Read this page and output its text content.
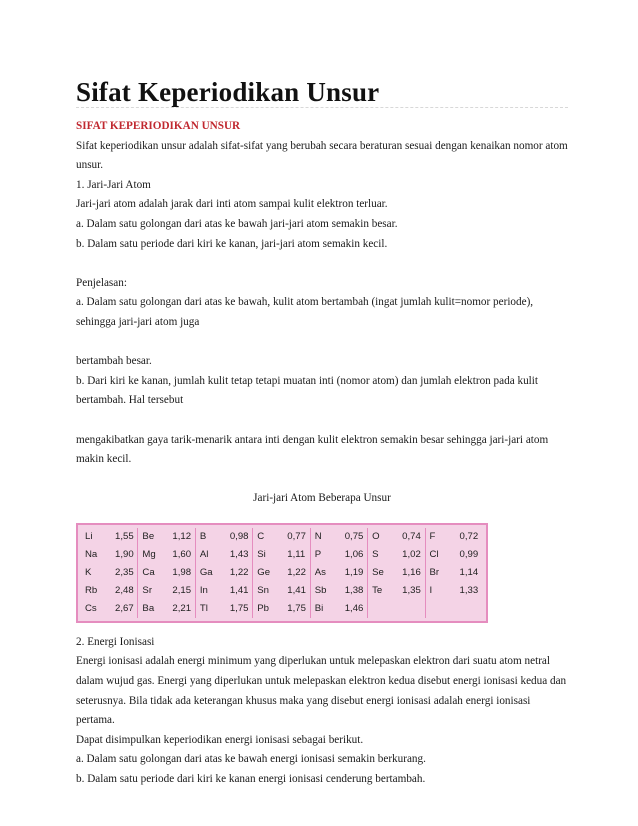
Sifat Keperiodikan Unsur

SIFAT KEPERIODIKAN UNSUR

Sifat keperiodikan unsur adalah sifat-sifat yang berubah secara beraturan sesuai dengan kenaikan nomor atom unsur.

1. Jari-Jari Atom

Jari-jari atom adalah jarak dari inti atom sampai kulit elektron terluar.

a. Dalam satu golongan dari atas ke bawah jari-jari atom semakin besar.

b. Dalam satu periode dari kiri ke kanan, jari-jari atom semakin kecil.

Penjelasan:

a. Dalam satu golongan dari atas ke bawah, kulit atom bertambah (ingat jumlah kulit=nomor periode), sehingga jari-jari atom juga

bertambah besar.

b. Dari kiri ke kanan, jumlah kulit tetap tetapi muatan inti (nomor atom) dan jumlah elektron pada kulit bertambah. Hal tersebut

mengakibatkan gaya tarik-menarik antara inti dengan kulit elektron semakin besar sehingga jari-jari atom makin kecil.

Jari-jari Atom Beberapa Unsur

Li	1,55	Be	1,12	B	0,98	C	0,77	N	0,75	O	0,74	F	0,72
Na	1,90	Mg	1,60	Al	1,43	Si	1,11	P	1,06	S	1,02	Cl	0,99
K	2,35	Ca	1,98	Ga	1,22	Ge	1,22	As	1,19	Se	1,16	Br	1,14
Rb	2,48	Sr	2,15	In	1,41	Sn	1,41	Sb	1,38	Te	1,35	I	1,33
Cs	2,67	Ba	2,21	Tl	1,75	Pb	1,75	Bi	1,46				

2. Energi Ionisasi

Energi ionisasi adalah energi minimum yang diperlukan untuk melepaskan elektron dari suatu atom netral dalam wujud gas. Energi yang diperlukan untuk melepaskan elektron kedua disebut energi ionisasi kedua dan seterusnya. Bila tidak ada keterangan khusus maka yang disebut energi ionisasi adalah energi ionisasi pertama.

Dapat disimpulkan keperiodikan energi ionisasi sebagai berikut.

a. Dalam satu golongan dari atas ke bawah energi ionisasi semakin berkurang.

b. Dalam satu periode dari kiri ke kanan energi ionisasi cenderung bertambah.
